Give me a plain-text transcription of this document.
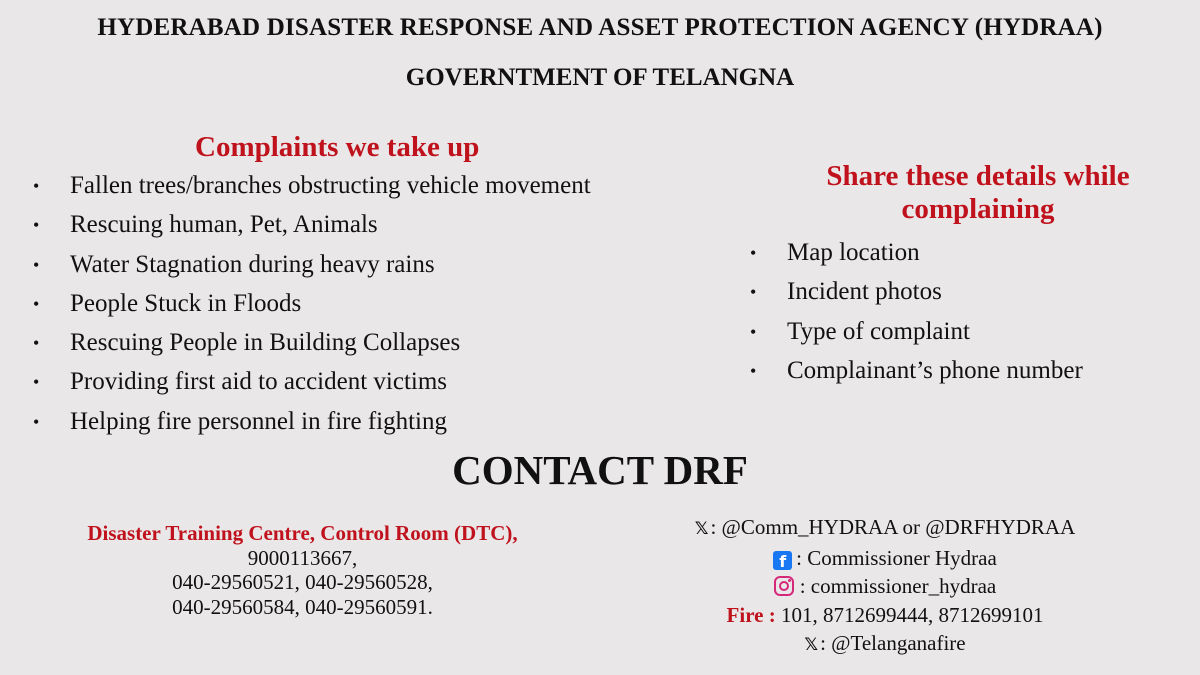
HYDERABAD DISASTER RESPONSE AND ASSET PROTECTION AGENCY (HYDRAA)
GOVERNTMENT OF TELANGNA
Complaints we take up
• Fallen trees/branches obstructing vehicle movement
• Rescuing human, Pet, Animals
• Water Stagnation during heavy rains
• People Stuck in Floods
• Rescuing People in Building Collapses
• Providing first aid to accident victims
• Helping fire personnel in fire fighting
Share these details while
complaining
• Map location
• Incident photos
• Type of complaint
• Complainant’s phone number
CONTACT DRF
Disaster Training Centre, Control Room (DTC),
9000113667,
040-29560521, 040-29560528,
040-29560584, 040-29560591.
𝕏: @Comm_HYDRAA or @DRFHYDRAA
f : Commissioner Hydraa
: commissioner_hydraa
Fire : 101, 8712699444, 8712699101
𝕏: @Telanganafire
